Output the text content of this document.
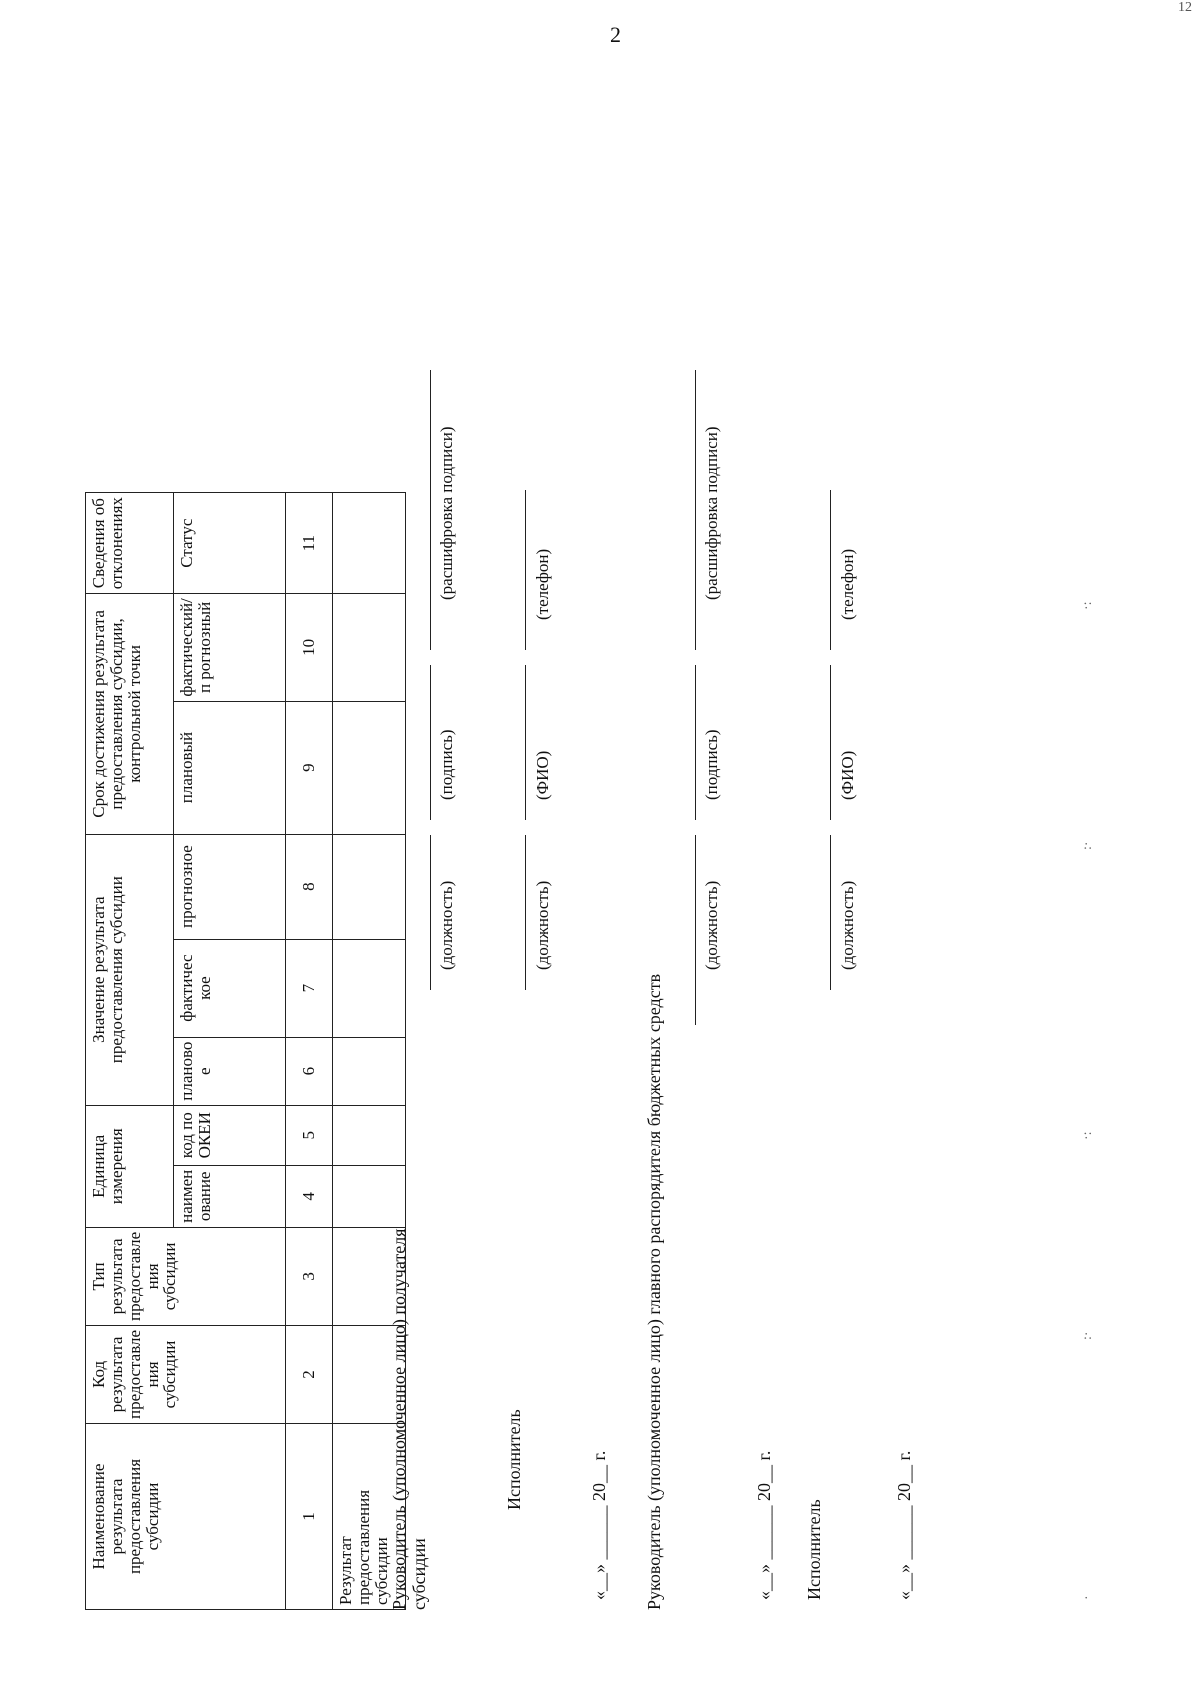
2
12
Наименование результата предоставления субсидии	Код результата предоставле ния субсидии	Тип результата предоставле ния субсидии	Единица измерения		Значение результата предоставления субсидии			Срок достижения результата предоставления субсидии, контрольной точки		Сведения об отклонениях
			наимен ование	код по ОКЕИ	планово е	фактичес кое	прогнозное	плановый	фактический/п рогнозный	Статус
1	2	3	4	5	6	7	8	9	10	11
Результат предоставления субсидии										
Руководитель (уполномоченное лицо) получателя субсидии
(должность)
(подпись)
(расшифровка подписи)
Исполнитель
(должность)
(ФИО)
(телефон)
«__» ______ 20__ г. Руководитель (уполномоченное лицо) главного распорядителя бюджетных средств
(должность)
(подпись)
(расшифровка подписи)
«__» ______ 20__ г. Исполнитель
(должность)
(ФИО)
(телефон)
«__» ______ 20__ г.	·
:·
·:
:·
·:
